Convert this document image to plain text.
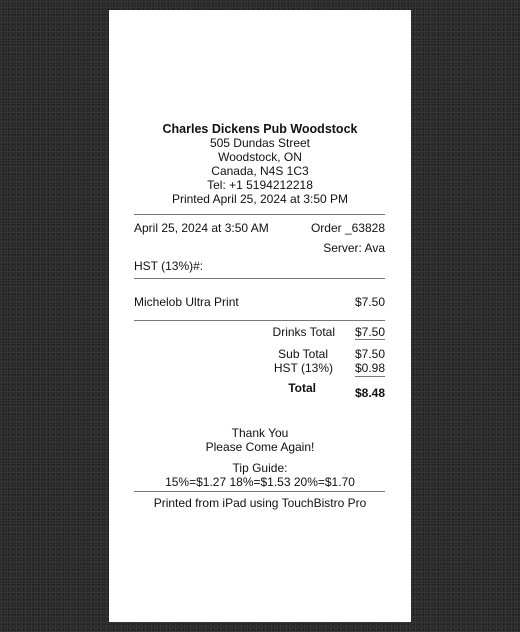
Charles Dickens Pub Woodstock
505 Dundas Street
Woodstock, ON
Canada, N4S 1C3
Tel: +1 5194212218
Printed April 25, 2024 at 3:50 PM
April 25, 2024 at 3:50 AM	Order _63828
Server: Ava
HST (13%)#:
Michelob Ultra Print	$7.50
Drinks Total $7.50
Sub Total $7.50
HST (13%) $0.98
Total	$8.48
Thank You
Please Come Again!
Tip Guide:
15%=$1.27 18%=$1.53 20%=$1.70
Printed from iPad using TouchBistro Pro
